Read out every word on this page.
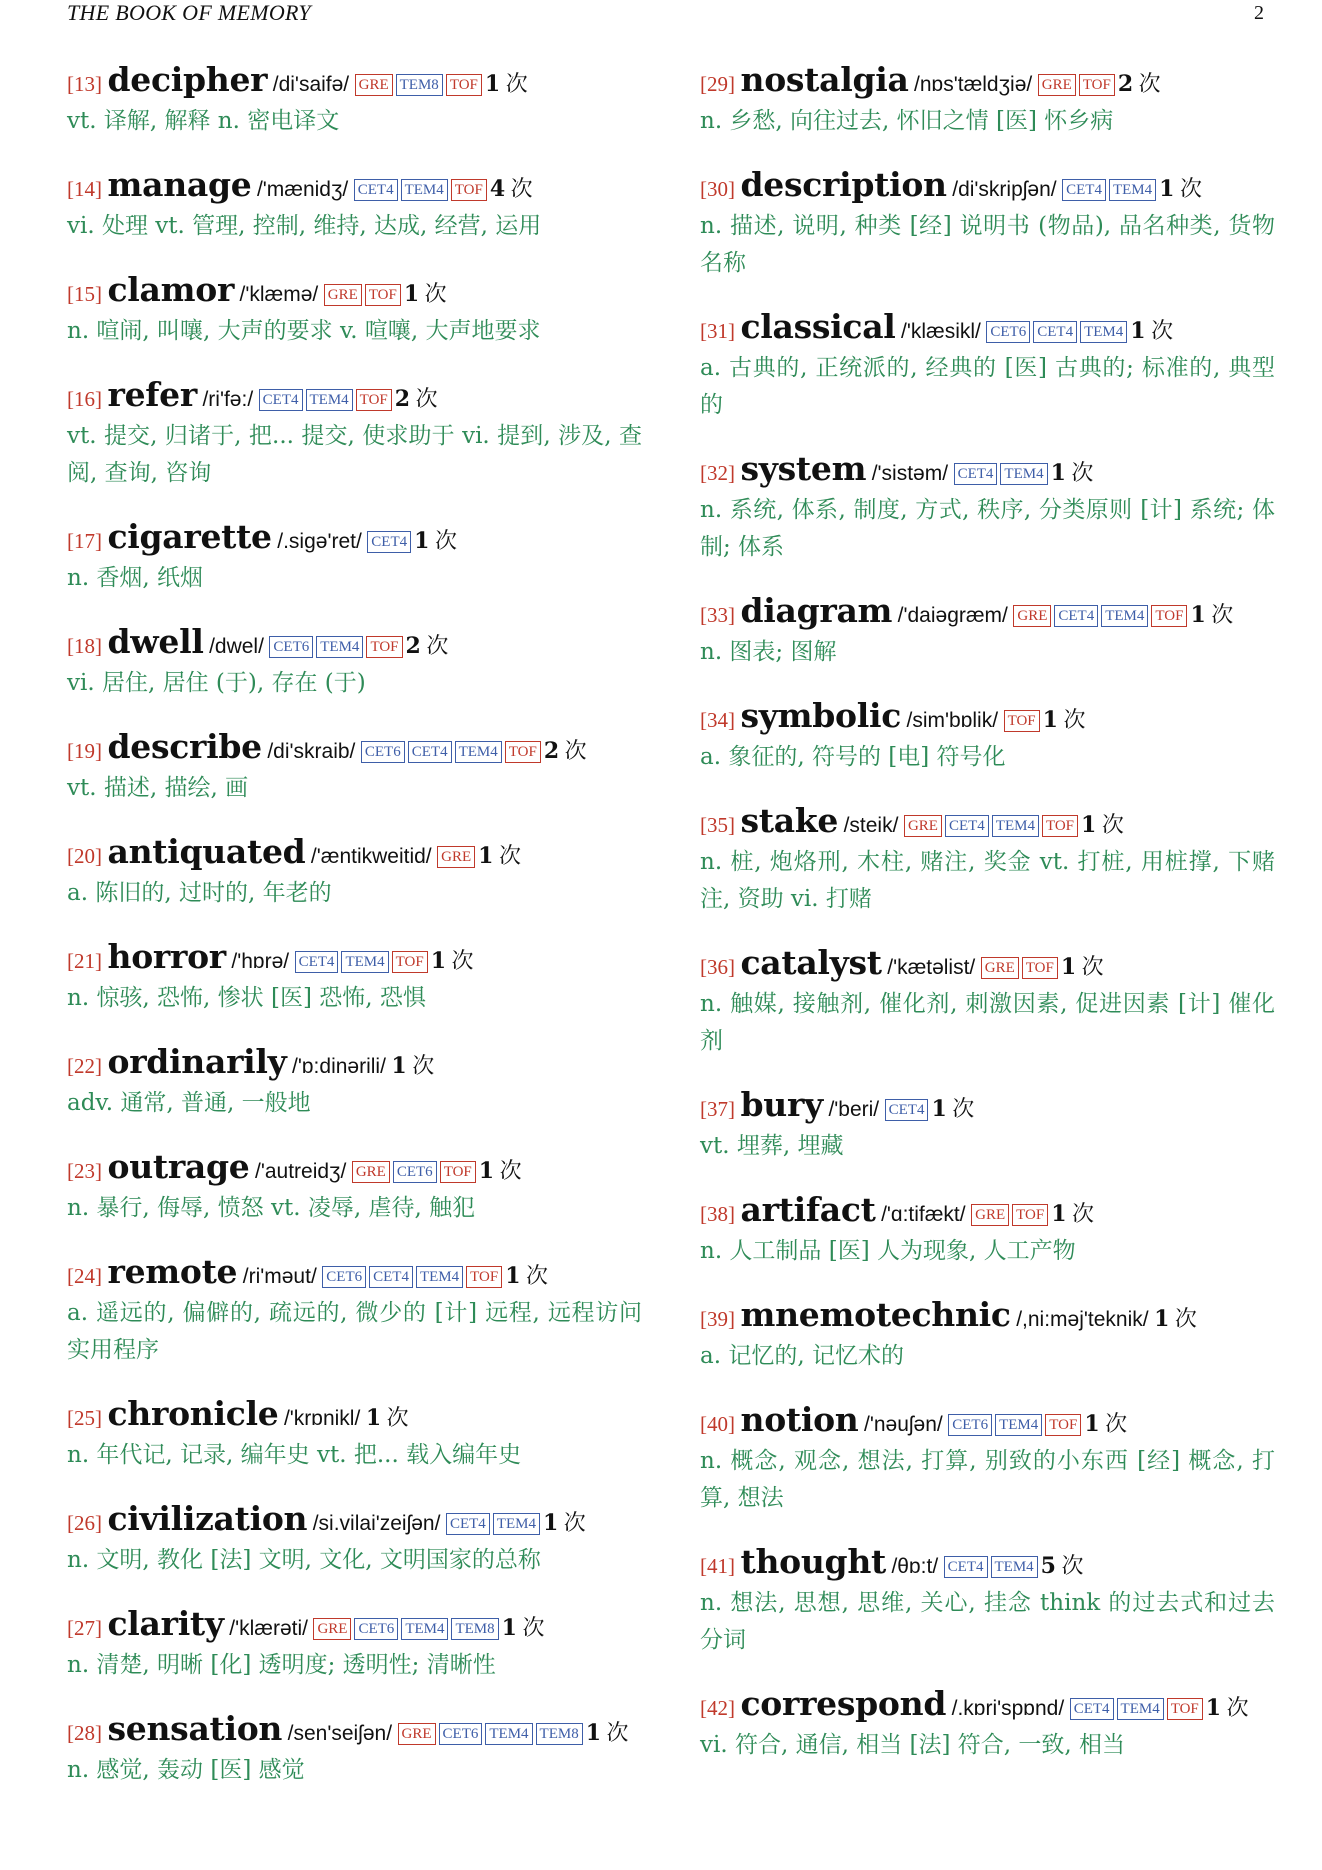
THE BOOK OF MEMORY	2
[13] decipher /di'saifə/ GRE TEM8 TOF 1 次
vt. 译解, 解释 n. 密电译文
[14] manage /'mænidʒ/ CET4 TEM4 TOF 4 次
vi. 处理 vt. 管理, 控制, 维持, 达成, 经营, 运用
[15] clamor /'klæmə/ GRE TOF 1 次
n. 喧闹, 叫嚷, 大声的要求 v. 喧嚷, 大声地要求
[16] refer /ri'fə:/ CET4 TEM4 TOF 2 次
vt. 提交, 归诸于, 把... 提交, 使求助于 vi. 提到, 涉及, 查阅, 查询, 咨询
[17] cigarette /.sigə'ret/ CET4 1 次
n. 香烟, 纸烟
[18] dwell /dwel/ CET6 TEM4 TOF 2 次
vi. 居住, 居住 (于), 存在 (于)
[19] describe /di'skraib/ CET6 CET4 TEM4 TOF 2 次
vt. 描述, 描绘, 画
[20] antiquated /'æntikweitid/ GRE 1 次
a. 陈旧的, 过时的, 年老的
[21] horror /'hɒrə/ CET4 TEM4 TOF 1 次
n. 惊骇, 恐怖, 惨状 [医] 恐怖, 恐惧
[22] ordinarily /'ɒ:dinərili/ 1 次
adv. 通常, 普通, 一般地
[23] outrage /'autreidʒ/ GRE CET6 TOF 1 次
n. 暴行, 侮辱, 愤怒 vt. 凌辱, 虐待, 触犯
[24] remote /ri'məut/ CET6 CET4 TEM4 TOF 1 次
a. 遥远的, 偏僻的, 疏远的, 微少的 [计] 远程, 远程访问实用程序
[25] chronicle /'krɒnikl/ 1 次
n. 年代记, 记录, 编年史 vt. 把... 载入编年史
[26] civilization /si.vilai'zeiʃən/ CET4 TEM4 1 次
n. 文明, 教化 [法] 文明, 文化, 文明国家的总称
[27] clarity /'klærəti/ GRE CET6 TEM4 TEM8 1 次
n. 清楚, 明晰 [化] 透明度; 透明性; 清晰性
[28] sensation /sen'seiʃən/ GRE CET6 TEM4 TEM8 1 次
n. 感觉, 轰动 [医] 感觉
[29] nostalgia /nɒs'tældʒiə/ GRE TOF 2 次
n. 乡愁, 向往过去, 怀旧之情 [医] 怀乡病
[30] description /di'skripʃən/ CET4 TEM4 1 次
n. 描述, 说明, 种类 [经] 说明书 (物品), 品名种类, 货物名称
[31] classical /'klæsikl/ CET6 CET4 TEM4 1 次
a. 古典的, 正统派的, 经典的 [医] 古典的; 标准的, 典型的
[32] system /'sistəm/ CET4 TEM4 1 次
n. 系统, 体系, 制度, 方式, 秩序, 分类原则 [计] 系统; 体制; 体系
[33] diagram /'daiəgræm/ GRE CET4 TEM4 TOF 1 次
n. 图表; 图解
[34] symbolic /sim'bɒlik/ TOF 1 次
a. 象征的, 符号的 [电] 符号化
[35] stake /steik/ GRE CET4 TEM4 TOF 1 次
n. 桩, 炮烙刑, 木柱, 赌注, 奖金 vt. 打桩, 用桩撑, 下赌注, 资助 vi. 打赌
[36] catalyst /'kætəlist/ GRE TOF 1 次
n. 触媒, 接触剂, 催化剂, 刺激因素, 促进因素 [计] 催化剂
[37] bury /'beri/ CET4 1 次
vt. 埋葬, 埋藏
[38] artifact /'ɑ:tifækt/ GRE TOF 1 次
n. 人工制品 [医] 人为现象, 人工产物
[39] mnemotechnic /,ni:məj'teknik/ 1 次
a. 记忆的, 记忆术的
[40] notion /'nəuʃən/ CET6 TEM4 TOF 1 次
n. 概念, 观念, 想法, 打算, 别致的小东西 [经] 概念, 打算, 想法
[41] thought /θɒ:t/ CET4 TEM4 5 次
n. 想法, 思想, 思维, 关心, 挂念 think 的过去式和过去分词
[42] correspond /.kɒri'spɒnd/ CET4 TEM4 TOF 1 次
vi. 符合, 通信, 相当 [法] 符合, 一致, 相当
